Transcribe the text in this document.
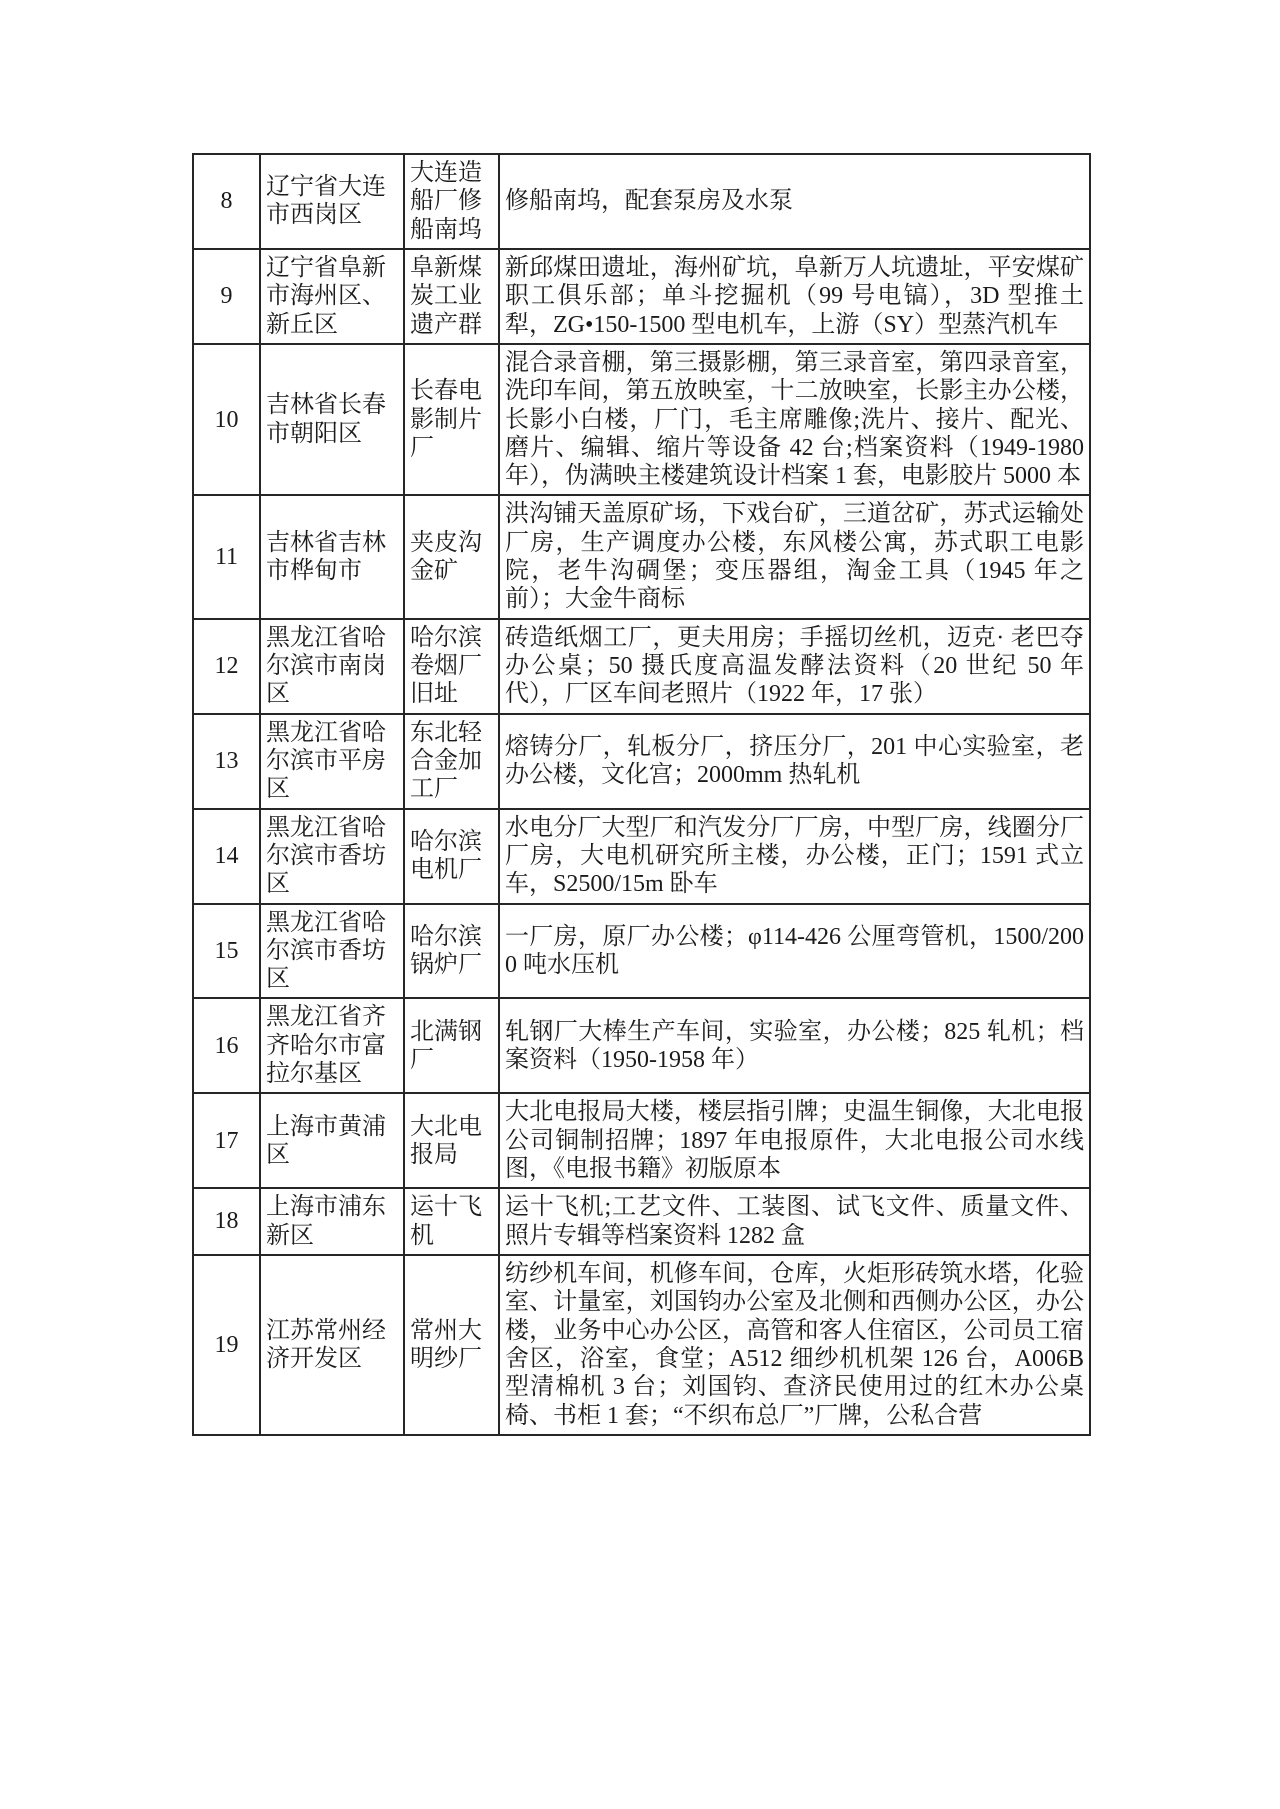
8	辽宁省大连市西岗区	大连造船厂修船南坞	修船南坞，配套泵房及水泵
9	辽宁省阜新市海州区、新丘区	阜新煤炭工业遗产群	新邱煤田遗址，海州矿坑，阜新万人坑遗址，平安煤矿职工俱乐部；单斗挖掘机（99 号电镐），3D 型推土犁，ZG•150-1500 型电机车，上游（SY）型蒸汽机车
10	吉林省长春市朝阳区	长春电影制片厂	混合录音棚，第三摄影棚，第三录音室，第四录音室，洗印车间，第五放映室，十二放映室，长影主办公楼，长影小白楼，厂门，毛主席雕像;洗片、接片、配光、磨片、编辑、缩片等设备 42 台;档案资料（1949-1980 年），伪满映主楼建筑设计档案 1 套，电影胶片 5000 本
11	吉林省吉林市桦甸市	夹皮沟金矿	洪沟铺天盖原矿场，下戏台矿，三道岔矿，苏式运输处厂房，生产调度办公楼，东风楼公寓，苏式职工电影院，老牛沟碉堡；变压器组，淘金工具（1945 年之前）；大金牛商标
12	黑龙江省哈尔滨市南岗区	哈尔滨卷烟厂旧址	砖造纸烟工厂，更夫用房；手摇切丝机，迈克· 老巴夺办公桌；50 摄氏度高温发酵法资料（20 世纪 50 年代），厂区车间老照片（1922 年，17 张）
13	黑龙江省哈尔滨市平房区	东北轻合金加工厂	熔铸分厂，轧板分厂，挤压分厂，201 中心实验室，老办公楼，文化宫；2000mm 热轧机
14	黑龙江省哈尔滨市香坊区	哈尔滨电机厂	水电分厂大型厂和汽发分厂厂房，中型厂房，线圈分厂厂房，大电机研究所主楼，办公楼，正门；1591 式立车，S2500/15m 卧车
15	黑龙江省哈尔滨市香坊区	哈尔滨锅炉厂	一厂房，原厂办公楼；φ114-426 公厘弯管机，1500/2000 吨水压机
16	黑龙江省齐齐哈尔市富拉尔基区	北满钢厂	轧钢厂大棒生产车间，实验室，办公楼；825 轧机；档案资料（1950-1958 年）
17	上海市黄浦区	大北电报局	大北电报局大楼，楼层指引牌；史温生铜像，大北电报公司铜制招牌；1897 年电报原件，大北电报公司水线图，《电报书籍》初版原本
18	上海市浦东新区	运十飞机	运十飞机;工艺文件、工装图、试飞文件、质量文件、照片专辑等档案资料 1282 盒
19	江苏常州经济开发区	常州大明纱厂	纺纱机车间，机修车间，仓库，火炬形砖筑水塔，化验室、计量室，刘国钧办公室及北侧和西侧办公区，办公楼，业务中心办公区，高管和客人住宿区，公司员工宿舍区，浴室，食堂；A512 细纱机机架 126 台，A006B 型清棉机 3 台；刘国钧、查济民使用过的红木办公桌椅、书柜 1 套；“不织布总厂”厂牌，公私合营
